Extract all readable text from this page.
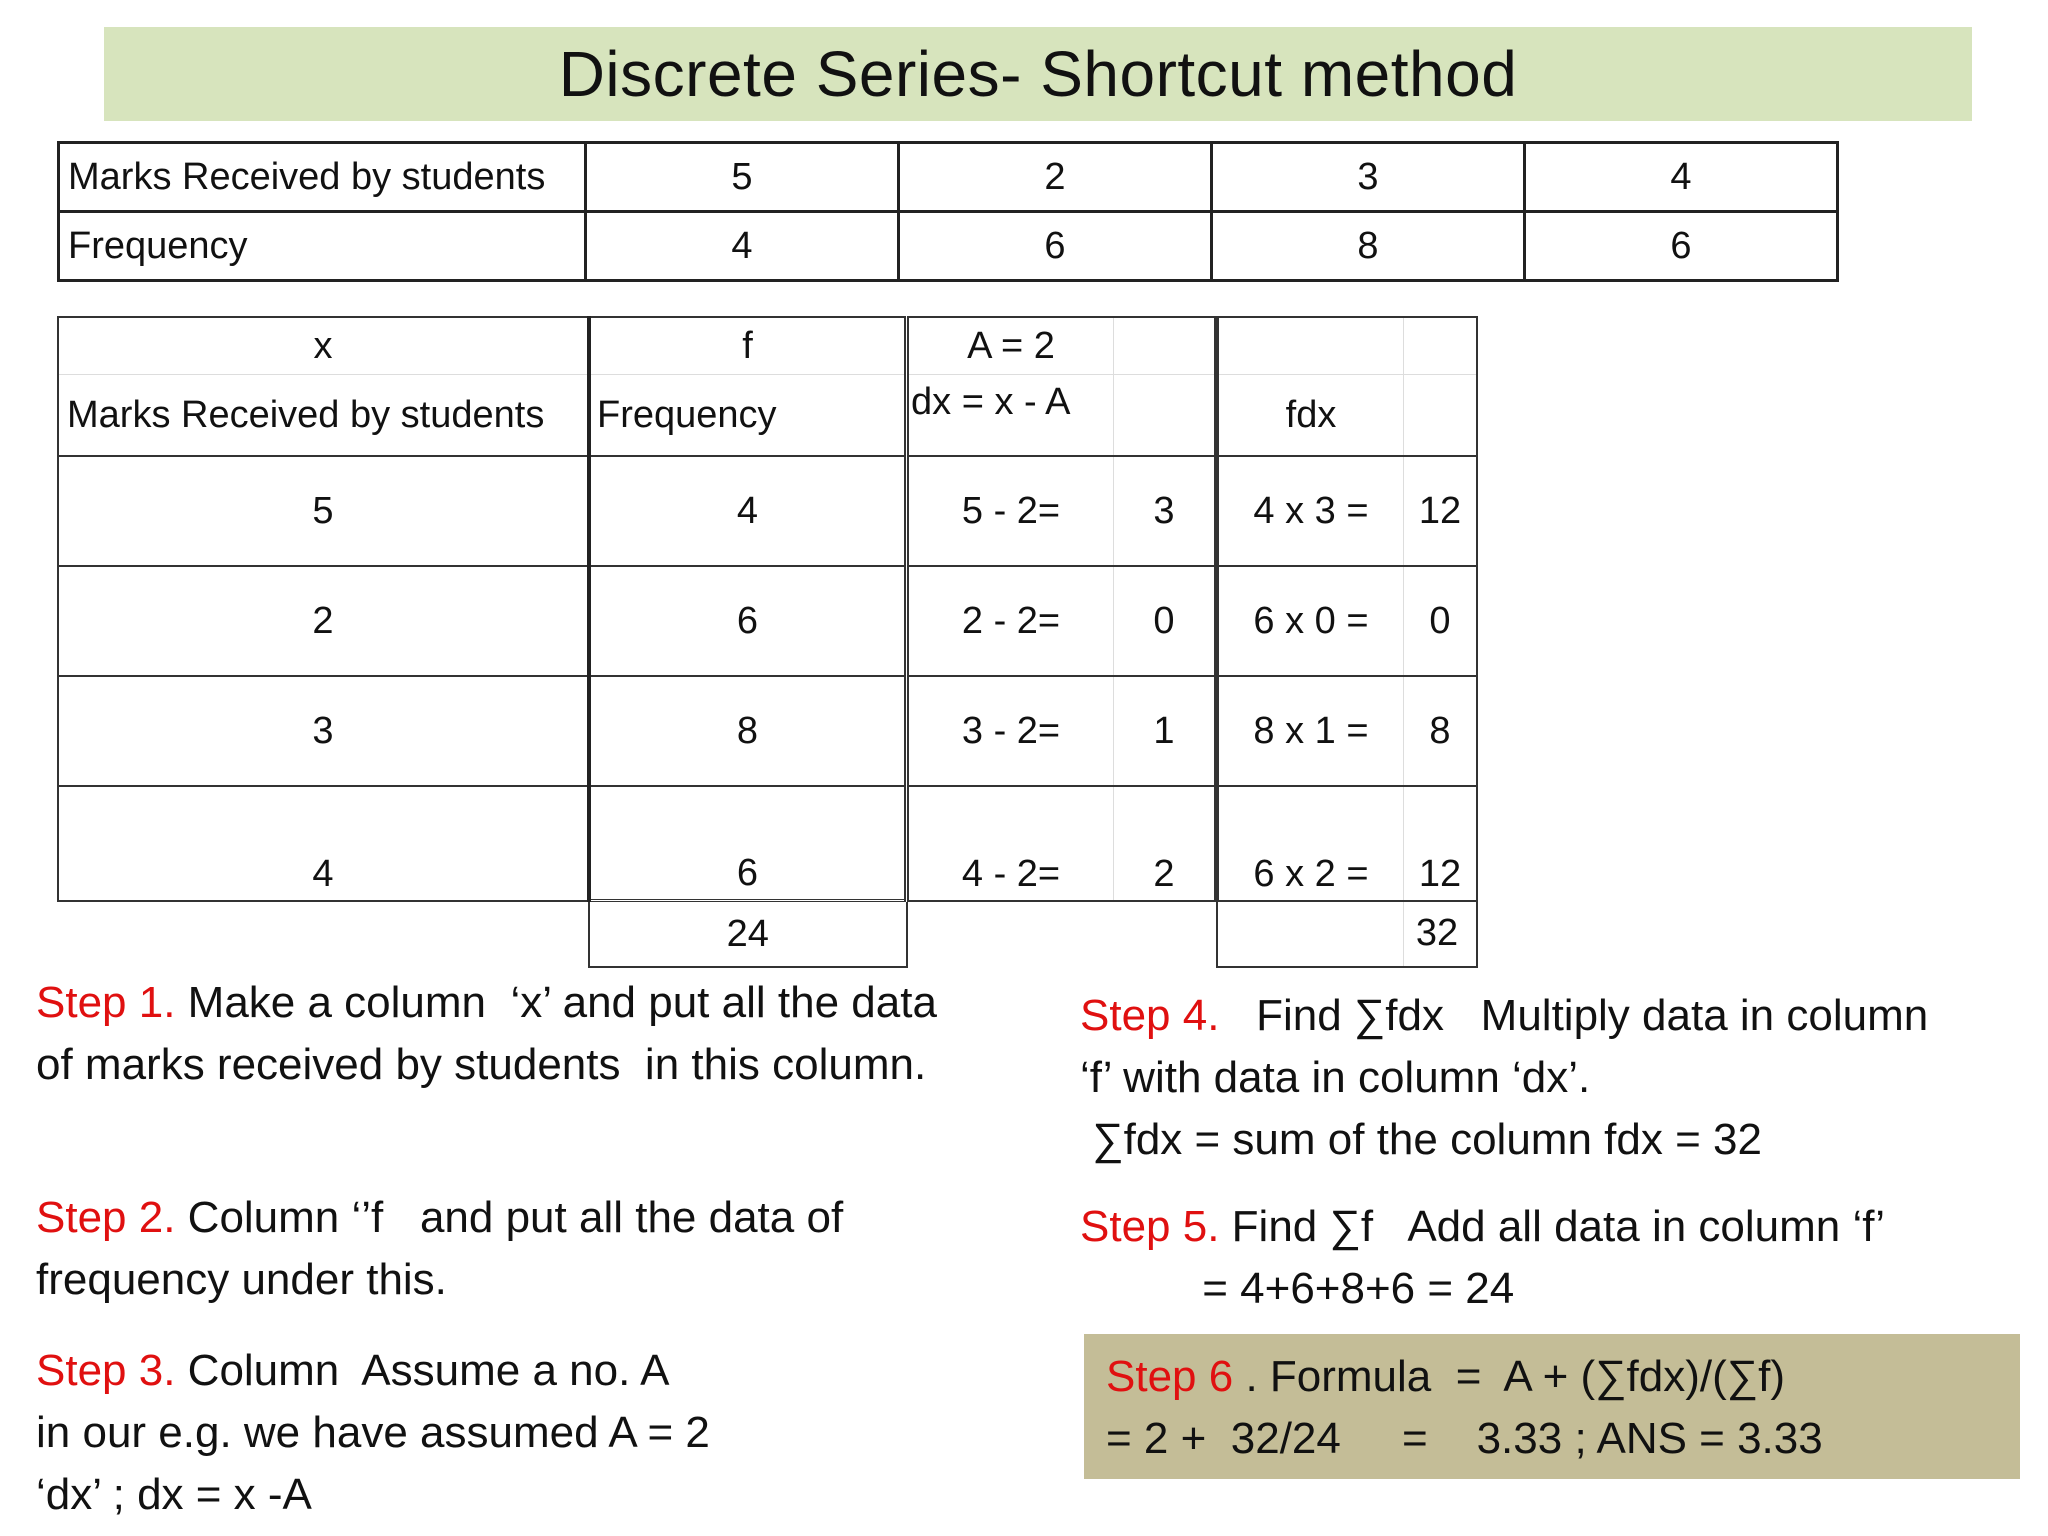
Discrete Series- Shortcut method
Marks Received by students	5	2	3	4
Frequency	4	6	8	6
x	f	A = 2			
Marks Received by students	Frequency	dx = x - A		fdx	
5	4	5 - 2=	3	4 x 3 =	12
2	6	2 - 2=	0	6 x 0 =	0
3	8	3 - 2=	1	8 x 1 =	8
4	6	4 - 2=	2	6 x 2 =	12
	24				32
Step 1. Make a column  ‘x’ and put all the data
of marks received by students  in this column.
Step 2. Column ‘’f   and put all the data of
frequency under this.
Step 3. Column  Assume a no. A
in our e.g. we have assumed A = 2
‘dx’ ; dx = x -A
Step 4.   Find ∑fdx   Multiply data in column
‘f’ with data in column ‘dx’.
∑fdx = sum of the column fdx = 32
Step 5. Find ∑f   Add all data in column ‘f’
= 4+6+8+6 = 24
Step 6 . Formula  =  A + (∑fdx)/(∑f)
= 2 +  32/24     =    3.33 ; ANS = 3.33
